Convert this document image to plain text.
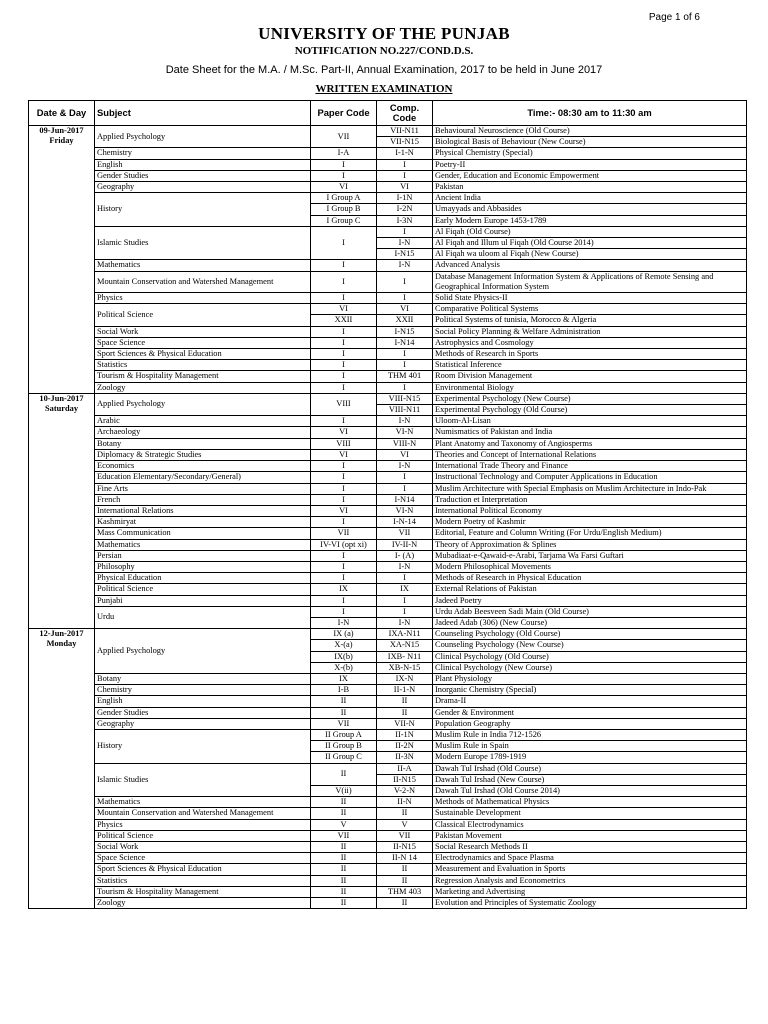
Page 1 of 6
UNIVERSITY OF THE PUNJAB
NOTIFICATION NO.227/COND.D.S.
Date Sheet for the M.A. / M.Sc. Part-II, Annual Examination, 2017 to be held in June 2017
WRITTEN EXAMINATION
Date & Day	Subject	Paper Code	Comp. Code	Time:- 08:30 am to 11:30 am

09-Jun-2017
Friday	Applied Psychology	VII	VII-N11	Behavioural Neuroscience (Old Course)
			VII-N15	Biological Basis of Behaviour (New Course)
	Chemistry	I-A	I-1-N	Physical Chemistry (Special)
	English	I	I	Poetry-II
	Gender Studies	I	I	Gender, Education and Economic Empowerment
	Geography	VI	VI	Pakistan
	History	I Group A	I-1N	Ancient India
		I Group B	I-2N	Umayyads and Abbasides
		I Group C	I-3N	Early Modern Europe 1453-1789
	Islamic Studies	I	I	Al Fiqah (Old Course)
			I-N	Al Fiqah and Illum ul Fiqah (Old Course 2014)
			I-N15	Al Fiqah wa uloom al Fiqah (New Course)
	Mathematics	I	I-N	Advanced Analysis
	Mountain Conservation and Watershed Management	I	I	Database Management Information System & Applications of Remote Sensing and Geographical Information System
	Physics	I	I	Solid State Physics-II
	Political Science	VI	VI	Comparative Political Systems
		XXII	XXII	Political Systems of tunisia, Morocco & Algeria
	Social Work	I	I-N15	Social Policy Planning & Welfare Administration
	Space Science	I	I-N14	Astrophysics and Cosmology
	Sport Sciences & Physical Education	I	I	Methods of Research in Sports
	Statistics	I	I	Statistical Inference
	Tourism & Hospitality Management	I	THM 401	Room Division Management
	Zoology	I	I	Environmental Biology

10-Jun-2017
Saturday	Applied Psychology	VIII	VIII-N15	Experimental Psychology (New Course)
			VIII-N11	Experimental Psychology (Old Course)
	Arabic	I	I-N	Uloom-Al-Lisan
	Archaeology	VI	VI-N	Numismatics of Pakistan and India
	Botany	VIII	VIII-N	Plant Anatomy and Taxonomy of Angiosperms
	Diplomacy & Strategic Studies	VI	VI	Theories and Concept of International Relations
	Economics	I	I-N	International Trade Theory and Finance
	Education Elementary/Secondary/General)	I	I	Instructional Technology and Computer Applications in Education
	Fine Arts	I	I	Muslim Architecture with Special Emphasis on Muslim Architecture in Indo-Pak
	French	I	I-N14	Traduction et Interpretation
	International Relations	VI	VI-N	International Political Economy
	Kashmiryat	I	I-N-14	Modern Poetry of Kashmir
	Mass Communication	VII	VII	Editorial, Feature and Column Writing (For Urdu/English Medium)
	Mathematics	IV-VI (opt xi)	IV-II-N	Theory of Approximation & Splines
	Persian	I	I- (A)	Mubadiaat-e-Qawaid-e-Arabi, Tarjama Wa Farsi Guftari
	Philosophy	I	I-N	Modern Philosophical Movements
	Physical Education	I	I	Methods of Research in Physical Education
	Political Science	IX	IX	External Relations of Pakistan
	Punjabi	I	I	Jadeed Poetry
	Urdu	I	I	Urdu Adab Beesveen Sadi Main (Old Course)
		I-N	I-N	Jadeed Adab (306) (New Course)

12-Jun-2017
Monday	Applied Psychology	IX (a)	IXA-N11	Counseling Psychology (Old Course)
		X-(a)	XA-N15	Counseling Psychology (New Course)
		IX(b)	IXB- N11	Clinical Psychology (Old Course)
		X-(b)	XB-N-15	Clinical Psychology (New Course)
	Botany	IX	IX-N	Plant Physiology
	Chemistry	I-B	II-1-N	Inorganic Chemistry (Special)
	English	II	II	Drama-II
	Gender Studies	II	II	Gender & Environment
	Geography	VII	VII-N	Population Geography
	History	II Group A	II-1N	Muslim Rule in India 712-1526
		II Group B	II-2N	Muslim Rule in Spain
		II Group C	II-3N	Modern Europe 1789-1919
	Islamic Studies	II	II-A	Dawah Tul Irshad (Old Course)
			II-N15	Dawah Tul Irshad (New Course)
		V(ii)	V-2-N	Dawah Tul Irshad (Old Course 2014)
	Mathematics	II	II-N	Methods of Mathematical Physics
	Mountain Conservation and Watershed Management	II	II	Sustainable Development
	Physics	V	V	Classical Electrodynamics
	Political Science	VII	VII	Pakistan Movement
	Social Work	II	II-N15	Social Research Methods II
	Space Science	II	II-N 14	Electrodynamics and Space Plasma
	Sport Sciences & Physical Education	II	II	Measurement and Evaluation in Sports
	Statistics	II	II	Regression Analysis and Econometrics
	Tourism & Hospitality Management	II	THM 403	Marketing and Advertising
	Zoology	II	II	Evolution and Principles of Systematic Zoology
